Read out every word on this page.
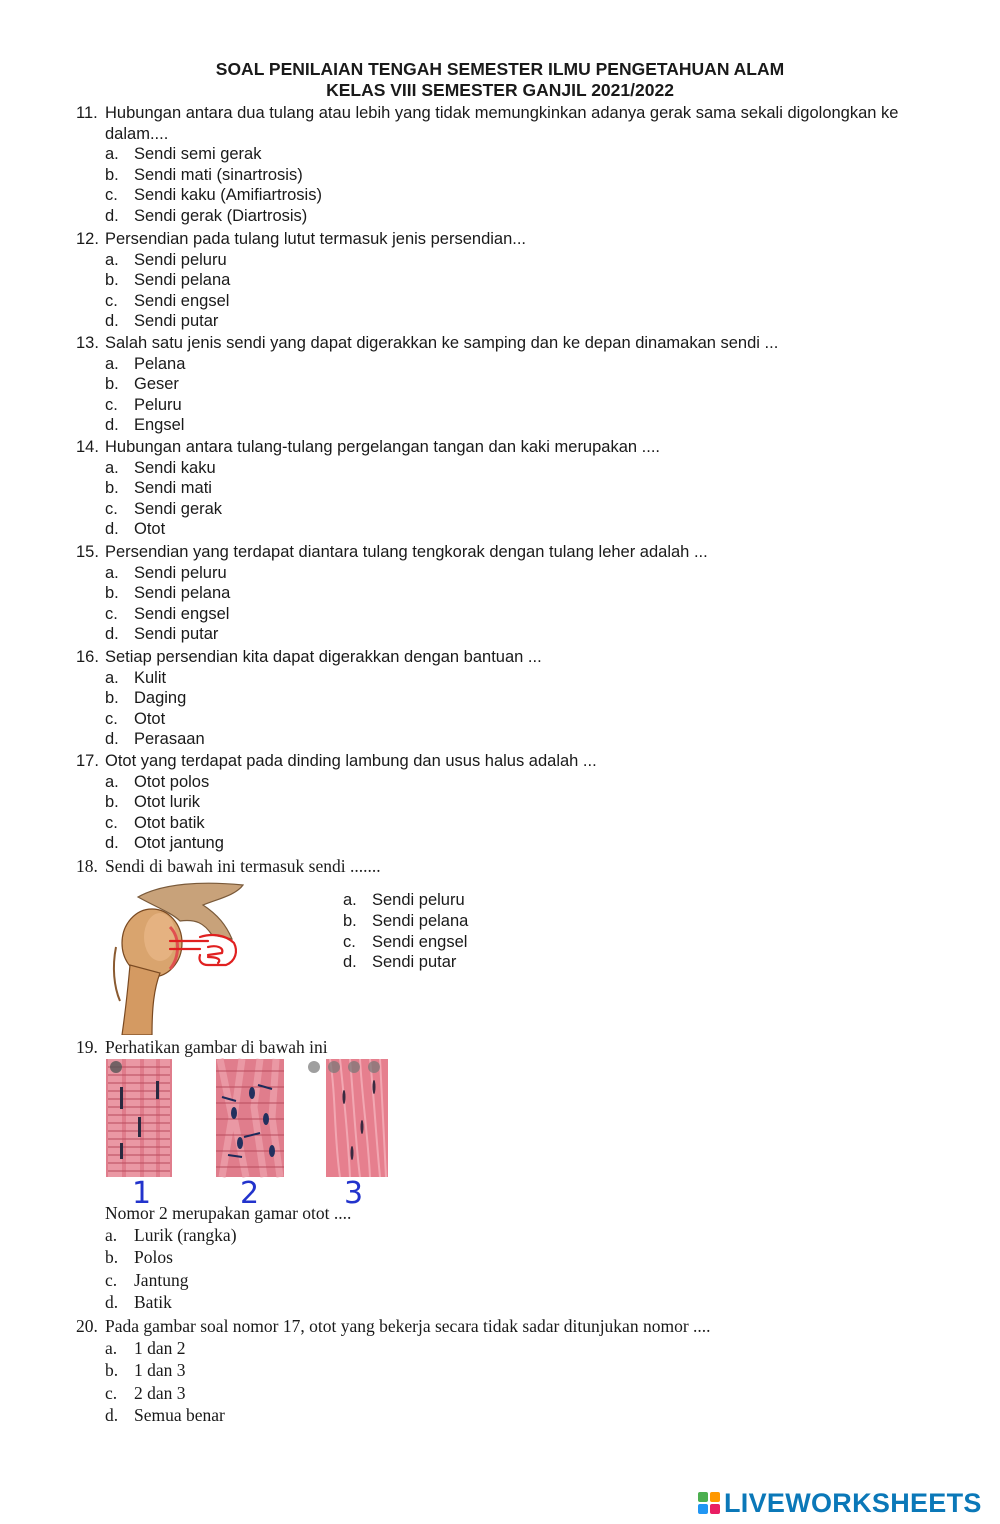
SOAL PENILAIAN TENGAH SEMESTER ILMU PENGETAHUAN ALAM
KELAS VIII SEMESTER GANJIL 2021/2022
11. Hubungan antara dua tulang atau lebih yang tidak memungkinkan adanya gerak sama sekali digolongkan ke dalam....
a. Sendi semi gerak
b. Sendi mati (sinartrosis)
c. Sendi kaku (Amifiartrosis)
d. Sendi gerak (Diartrosis)
12. Persendian pada tulang lutut termasuk jenis persendian...
a. Sendi peluru
b. Sendi pelana
c. Sendi engsel
d. Sendi putar
13. Salah satu jenis sendi yang dapat digerakkan ke samping dan ke depan dinamakan sendi ...
a. Pelana
b. Geser
c. Peluru
d. Engsel
14. Hubungan antara tulang-tulang pergelangan tangan dan kaki merupakan ....
a. Sendi kaku
b. Sendi mati
c. Sendi gerak
d. Otot
15. Persendian yang terdapat diantara tulang tengkorak dengan tulang leher adalah ...
a. Sendi peluru
b. Sendi pelana
c. Sendi engsel
d. Sendi putar
16. Setiap persendian kita dapat digerakkan dengan bantuan ...
a. Kulit
b. Daging
c. Otot
d. Perasaan
17. Otot yang terdapat pada dinding lambung dan usus halus adalah ...
a. Otot polos
b. Otot lurik
c. Otot batik
d. Otot jantung
18. Sendi di bawah ini termasuk sendi .......
a. Sendi peluru
b. Sendi pelana
c. Sendi engsel
d. Sendi putar
19. Perhatikan gambar di bawah ini
1	2	3
Nomor 2 merupakan gamar otot ....
a. Lurik (rangka)
b. Polos
c. Jantung
d. Batik
20. Pada gambar soal nomor 17, otot yang bekerja secara tidak sadar ditunjukan nomor ....
a. 1 dan 2
b. 1 dan 3
c. 2 dan 3
d. Semua benar
LIVEWORKSHEETS
